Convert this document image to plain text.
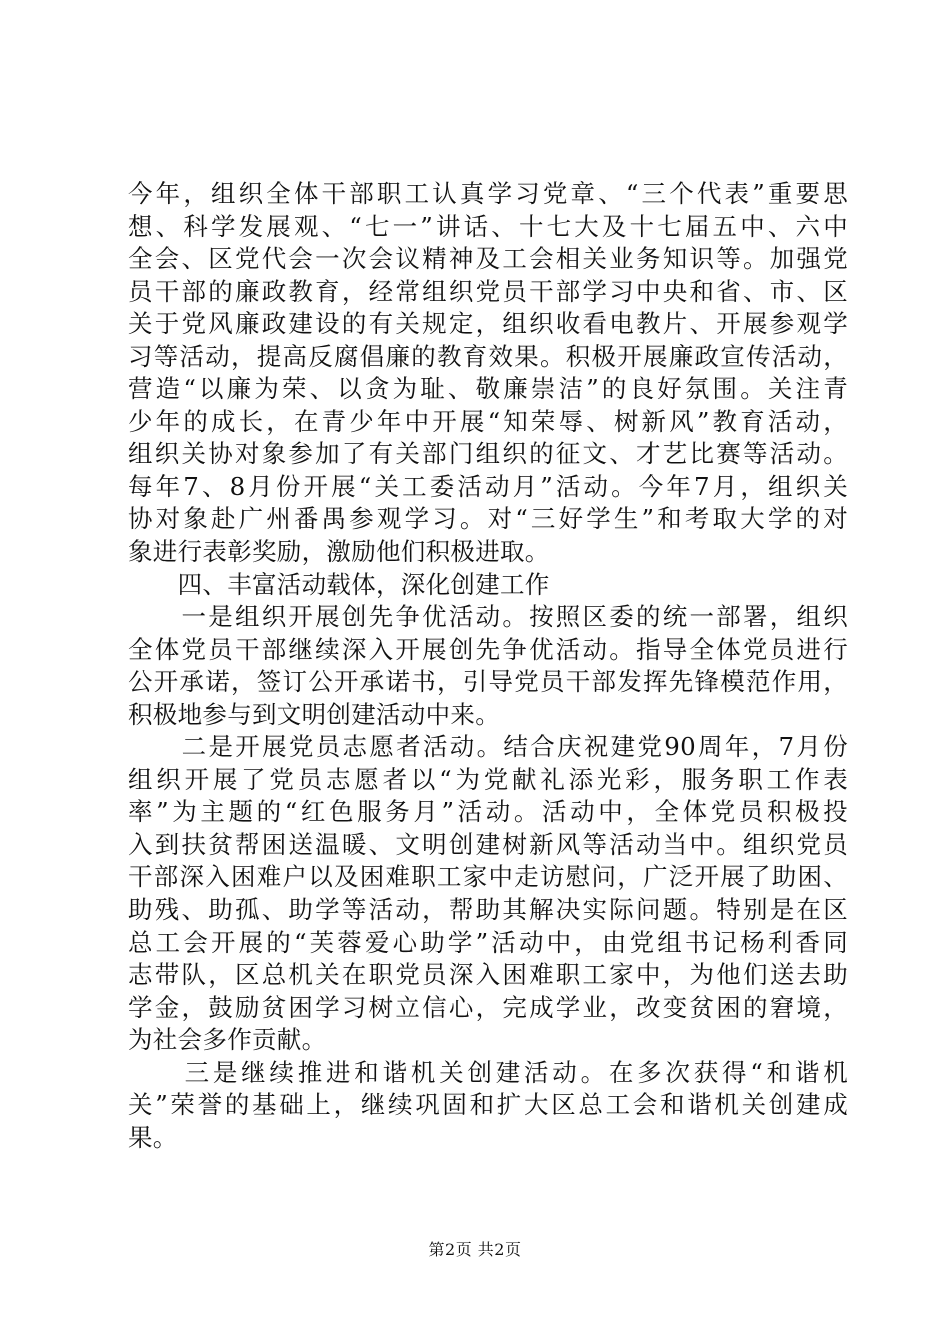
今年，组织全体干部职工认真学习党章、“三个代表”重要思
想、科学发展观、“七一”讲话、十七大及十七届五中、六中
全会、区党代会一次会议精神及工会相关业务知识等。加强党
员干部的廉政教育，经常组织党员干部学习中央和省、市、区
关于党风廉政建设的有关规定，组织收看电教片、开展参观学
习等活动，提高反腐倡廉的教育效果。积极开展廉政宣传活动，
营造“以廉为荣、以贪为耻、敬廉崇洁”的良好氛围。关注青
少年的成长，在青少年中开展“知荣辱、树新风”教育活动，
组织关协对象参加了有关部门组织的征文、才艺比赛等活动。
每年7、8月份开展“关工委活动月”活动。今年7月，组织关
协对象赴广州番禺参观学习。对“三好学生”和考取大学的对
象进行表彰奖励，激励他们积极进取。
　　四、丰富活动载体，深化创建工作
　　一是组织开展创先争优活动。按照区委的统一部署，组织
全体党员干部继续深入开展创先争优活动。指导全体党员进行
公开承诺，签订公开承诺书，引导党员干部发挥先锋模范作用，
积极地参与到文明创建活动中来。
　　二是开展党员志愿者活动。结合庆祝建党90周年，7月份
组织开展了党员志愿者以“为党献礼添光彩，服务职工作表
率”为主题的“红色服务月”活动。活动中，全体党员积极投
入到扶贫帮困送温暖、文明创建树新风等活动当中。组织党员
干部深入困难户以及困难职工家中走访慰问，广泛开展了助困、
助残、助孤、助学等活动，帮助其解决实际问题。特别是在区
总工会开展的“芙蓉爱心助学”活动中，由党组书记杨利香同
志带队，区总机关在职党员深入困难职工家中，为他们送去助
学金，鼓励贫困学习树立信心，完成学业，改变贫困的窘境，
为社会多作贡献。
　　三是继续推进和谐机关创建活动。在多次获得“和谐机
关”荣誉的基础上，继续巩固和扩大区总工会和谐机关创建成
果。
第2页 共2页
